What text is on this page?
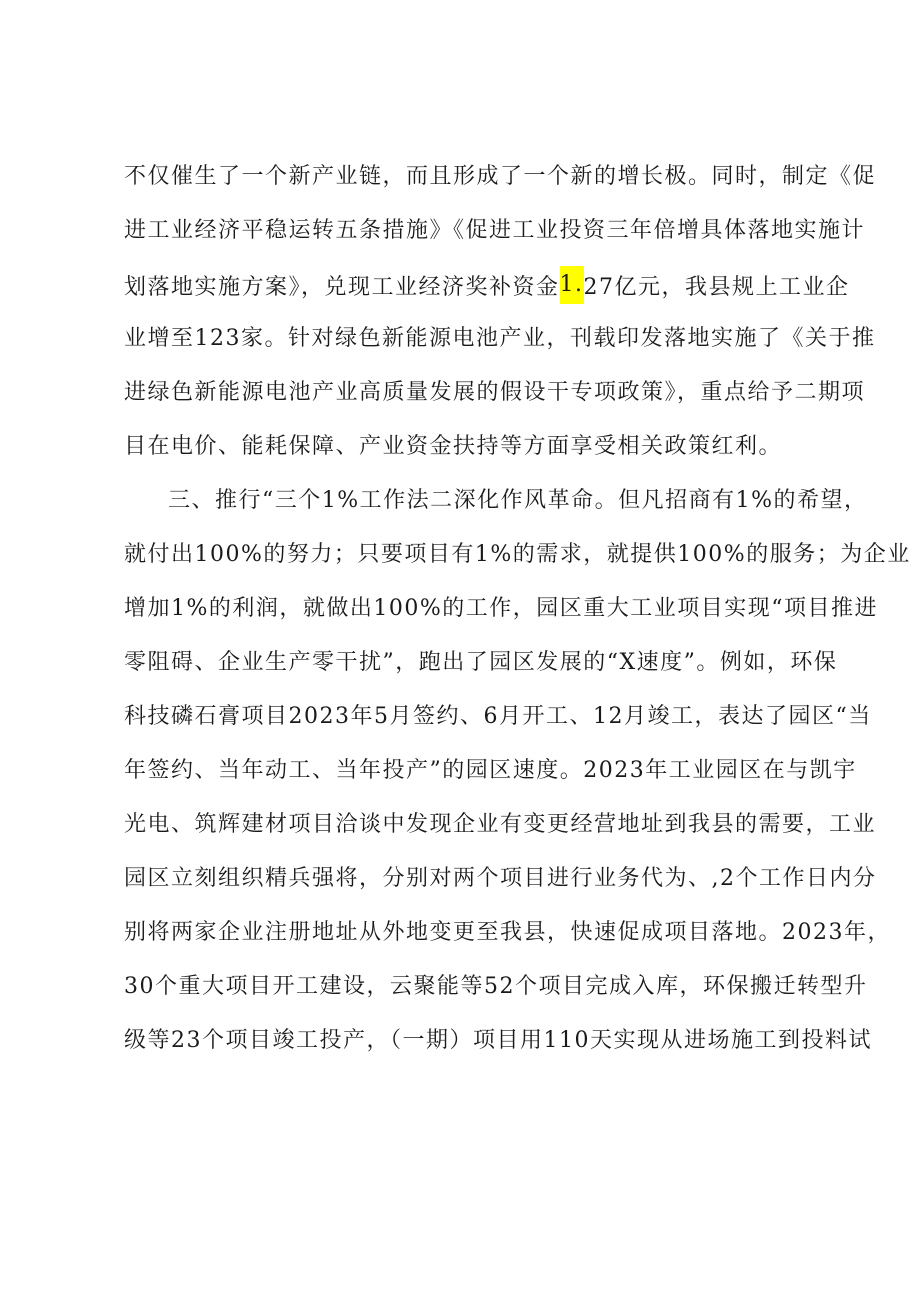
不仅催生了一个新产业链，而且形成了一个新的增长极。同时，制定《促
进工业经济平稳运转五条措施》《促进工业投资三年倍增具体落地实施计
划落地实施方案》，兑现工业经济奖补资金1.27亿元，我县规上工业企
业增至123家。针对绿色新能源电池产业，刊载印发落地实施了《关于推
进绿色新能源电池产业高质量发展的假设干专项政策》，重点给予二期项
目在电价、能耗保障、产业资金扶持等方面享受相关政策红利。
三、推行“三个1%工作法二深化作风革命。但凡招商有1%的希望，
就付出100%的努力；只要项目有1%的需求，就提供100%的服务；为企业
增加1%的利润，就做出100%的工作，园区重大工业项目实现“项目推进
零阻碍、企业生产零干扰”，跑出了园区发展的“X速度”。例如，环保
科技磷石膏项目2023年5月签约、6月开工、12月竣工，表达了园区“当
年签约、当年动工、当年投产”的园区速度。2023年工业园区在与凯宇
光电、筑辉建材项目洽谈中发现企业有变更经营地址到我县的需要，工业
园区立刻组织精兵强将，分别对两个项目进行业务代为、,2个工作日内分
别将两家企业注册地址从外地变更至我县，快速促成项目落地。2023年，
30个重大项目开工建设，云聚能等52个项目完成入库，环保搬迁转型升
级等23个项目竣工投产，（一期）项目用110天实现从进场施工到投料试
